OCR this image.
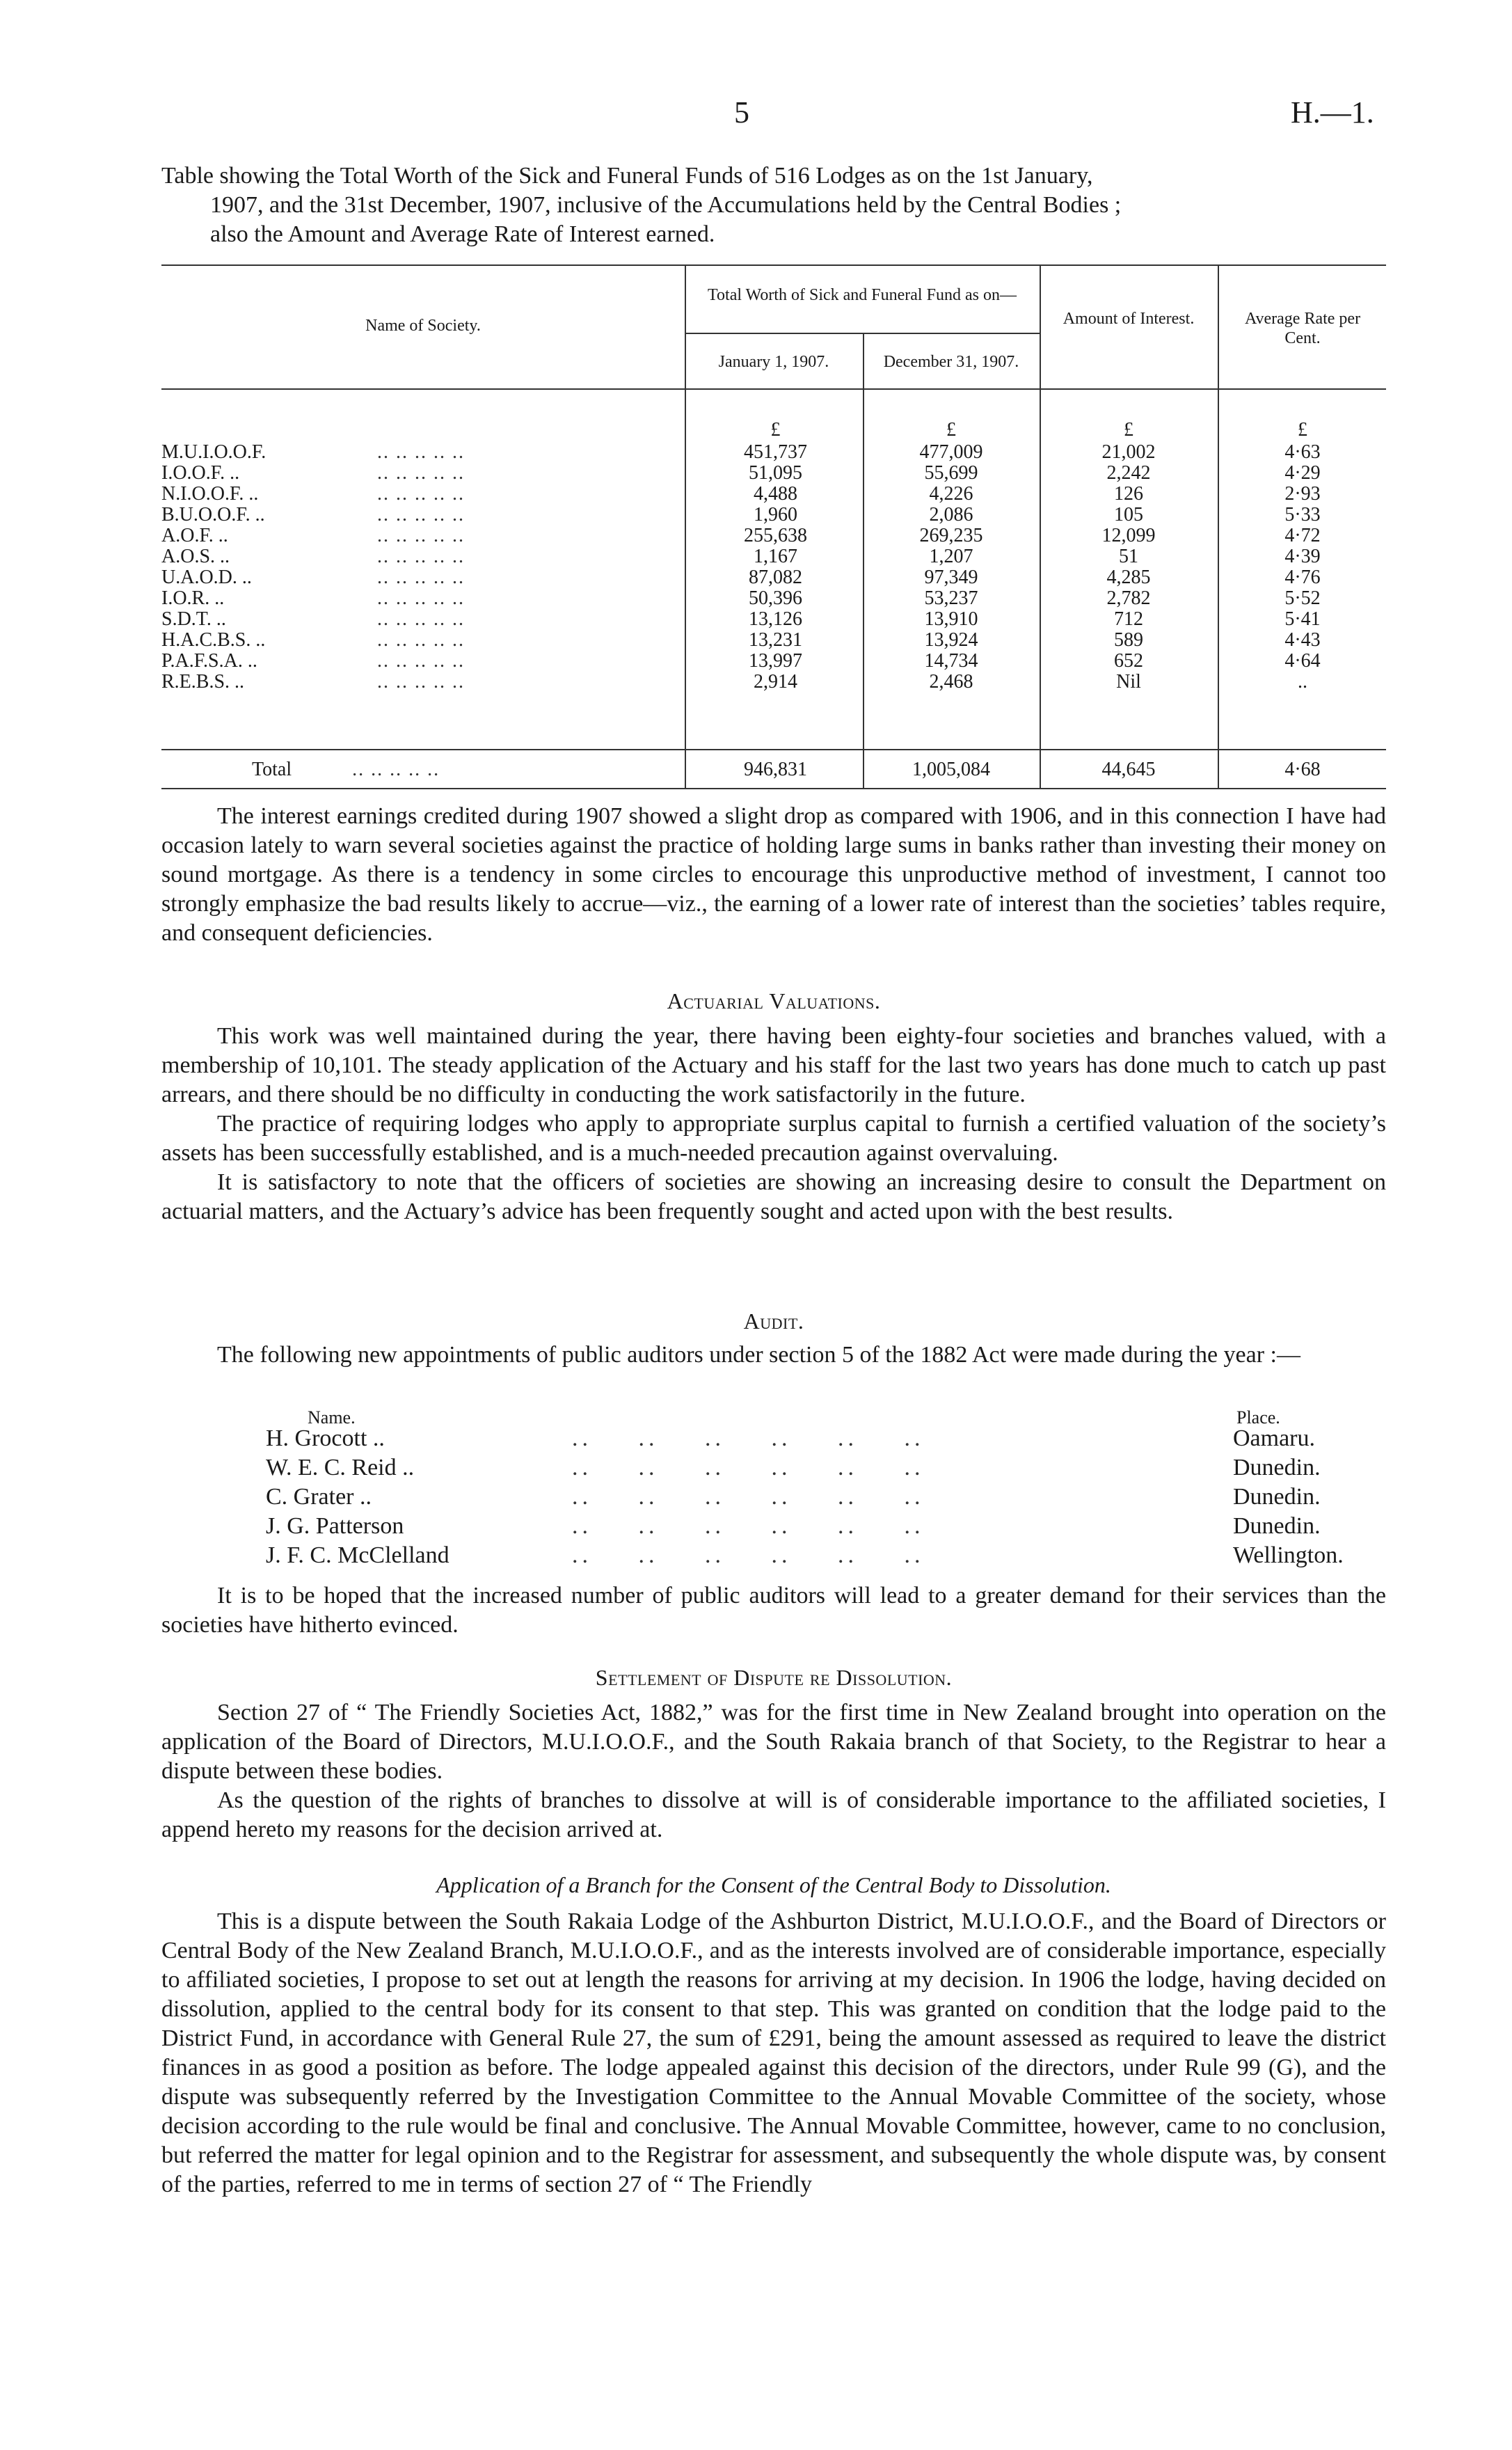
5	H.—1.
Table showing the Total Worth of the Sick and Funeral Funds of 516 Lodges as on the 1st January,
1907, and the 31st December, 1907, inclusive of the Accumulations held by the Central Bodies ;
also the Amount and Average Rate of Interest earned.
Name of Society.
Total Worth of Sick and Funeral Fund as on—
January 1, 1907.	December 31, 1907.
Amount of Interest.	Average Rate per Cent.
£	£	£	£
M.U.I.O.O.F.	.. .. .. .. ..	451,737	477,009	21,002	4·63
I.O.O.F. ..	.. .. .. .. ..	51,095	55,699	2,242	4·29
N.I.O.O.F. ..	.. .. .. .. ..	4,488	4,226	126	2·93
B.U.O.O.F. ..	.. .. .. .. ..	1,960	2,086	105	5·33
A.O.F. ..	.. .. .. .. ..	255,638	269,235	12,099	4·72
A.O.S. ..	.. .. .. .. ..	1,167	1,207	51	4·39
U.A.O.D. ..	.. .. .. .. ..	87,082	97,349	4,285	4·76
I.O.R. ..	.. .. .. .. ..	50,396	53,237	2,782	5·52
S.D.T. ..	.. .. .. .. ..	13,126	13,910	712	5·41
H.A.C.B.S. ..	.. .. .. .. ..	13,231	13,924	589	4·43
P.A.F.S.A. ..	.. .. .. .. ..	13,997	14,734	652	4·64
R.E.B.S. ..	.. .. .. .. ..	2,914	2,468	Nil	..
Total	.. .. .. .. ..	946,831	1,005,084	44,645	4·68

The interest earnings credited during 1907 showed a slight drop as compared with 1906, and in this connection I have had occasion lately to warn several societies against the practice of holding large sums in banks rather than investing their money on sound mortgage. As there is a tendency in some circles to encourage this unproductive method of investment, I cannot too strongly emphasize the bad results likely to accrue—viz., the earning of a lower rate of interest than the societies’ tables require, and consequent deficiencies.

Actuarial Valuations.

This work was well maintained during the year, there having been eighty-four societies and branches valued, with a membership of 10,101. The steady application of the Actuary and his staff for the last two years has done much to catch up past arrears, and there should be no difficulty in conducting the work satisfactorily in the future.

The practice of requiring lodges who apply to appropriate surplus capital to furnish a certified valuation of the society’s assets has been successfully established, and is a much-needed precaution against overvaluing.

It is satisfactory to note that the officers of societies are showing an increasing desire to consult the Department on actuarial matters, and the Actuary’s advice has been frequently sought and acted upon with the best results.

Audit.

The following new appointments of public auditors under section 5 of the 1882 Act were made during the year :—

Name.	Place.
H. Grocott ..	.. .. .. .. .. ..	Oamaru.
W. E. C. Reid ..	.. .. .. .. .. ..	Dunedin.
C. Grater ..	.. .. .. .. .. ..	Dunedin.
J. G. Patterson	.. .. .. .. .. ..	Dunedin.
J. F. C. McClelland	.. .. .. .. .. ..	Wellington.

It is to be hoped that the increased number of public auditors will lead to a greater demand for their services than the societies have hitherto evinced.

Settlement of Dispute re Dissolution.

Section 27 of “ The Friendly Societies Act, 1882,” was for the first time in New Zealand brought into operation on the application of the Board of Directors, M.U.I.O.O.F., and the South Rakaia branch of that Society, to the Registrar to hear a dispute between these bodies.

As the question of the rights of branches to dissolve at will is of considerable importance to the affiliated societies, I append hereto my reasons for the decision arrived at.

Application of a Branch for the Consent of the Central Body to Dissolution.

This is a dispute between the South Rakaia Lodge of the Ashburton District, M.U.I.O.O.F., and the Board of Directors or Central Body of the New Zealand Branch, M.U.I.O.O.F., and as the interests involved are of considerable importance, especially to affiliated societies, I propose to set out at length the reasons for arriving at my decision. In 1906 the lodge, having decided on dissolution, applied to the central body for its consent to that step. This was granted on condition that the lodge paid to the District Fund, in accordance with General Rule 27, the sum of £291, being the amount assessed as required to leave the district finances in as good a position as before. The lodge appealed against this decision of the directors, under Rule 99 (G), and the dispute was subsequently referred by the Investigation Committee to the Annual Movable Committee of the society, whose decision according to the rule would be final and conclusive. The Annual Movable Committee, however, came to no conclusion, but referred the matter for legal opinion and to the Registrar for assessment, and subsequently the whole dispute was, by consent of the parties, referred to me in terms of section 27 of “ The Friendly
